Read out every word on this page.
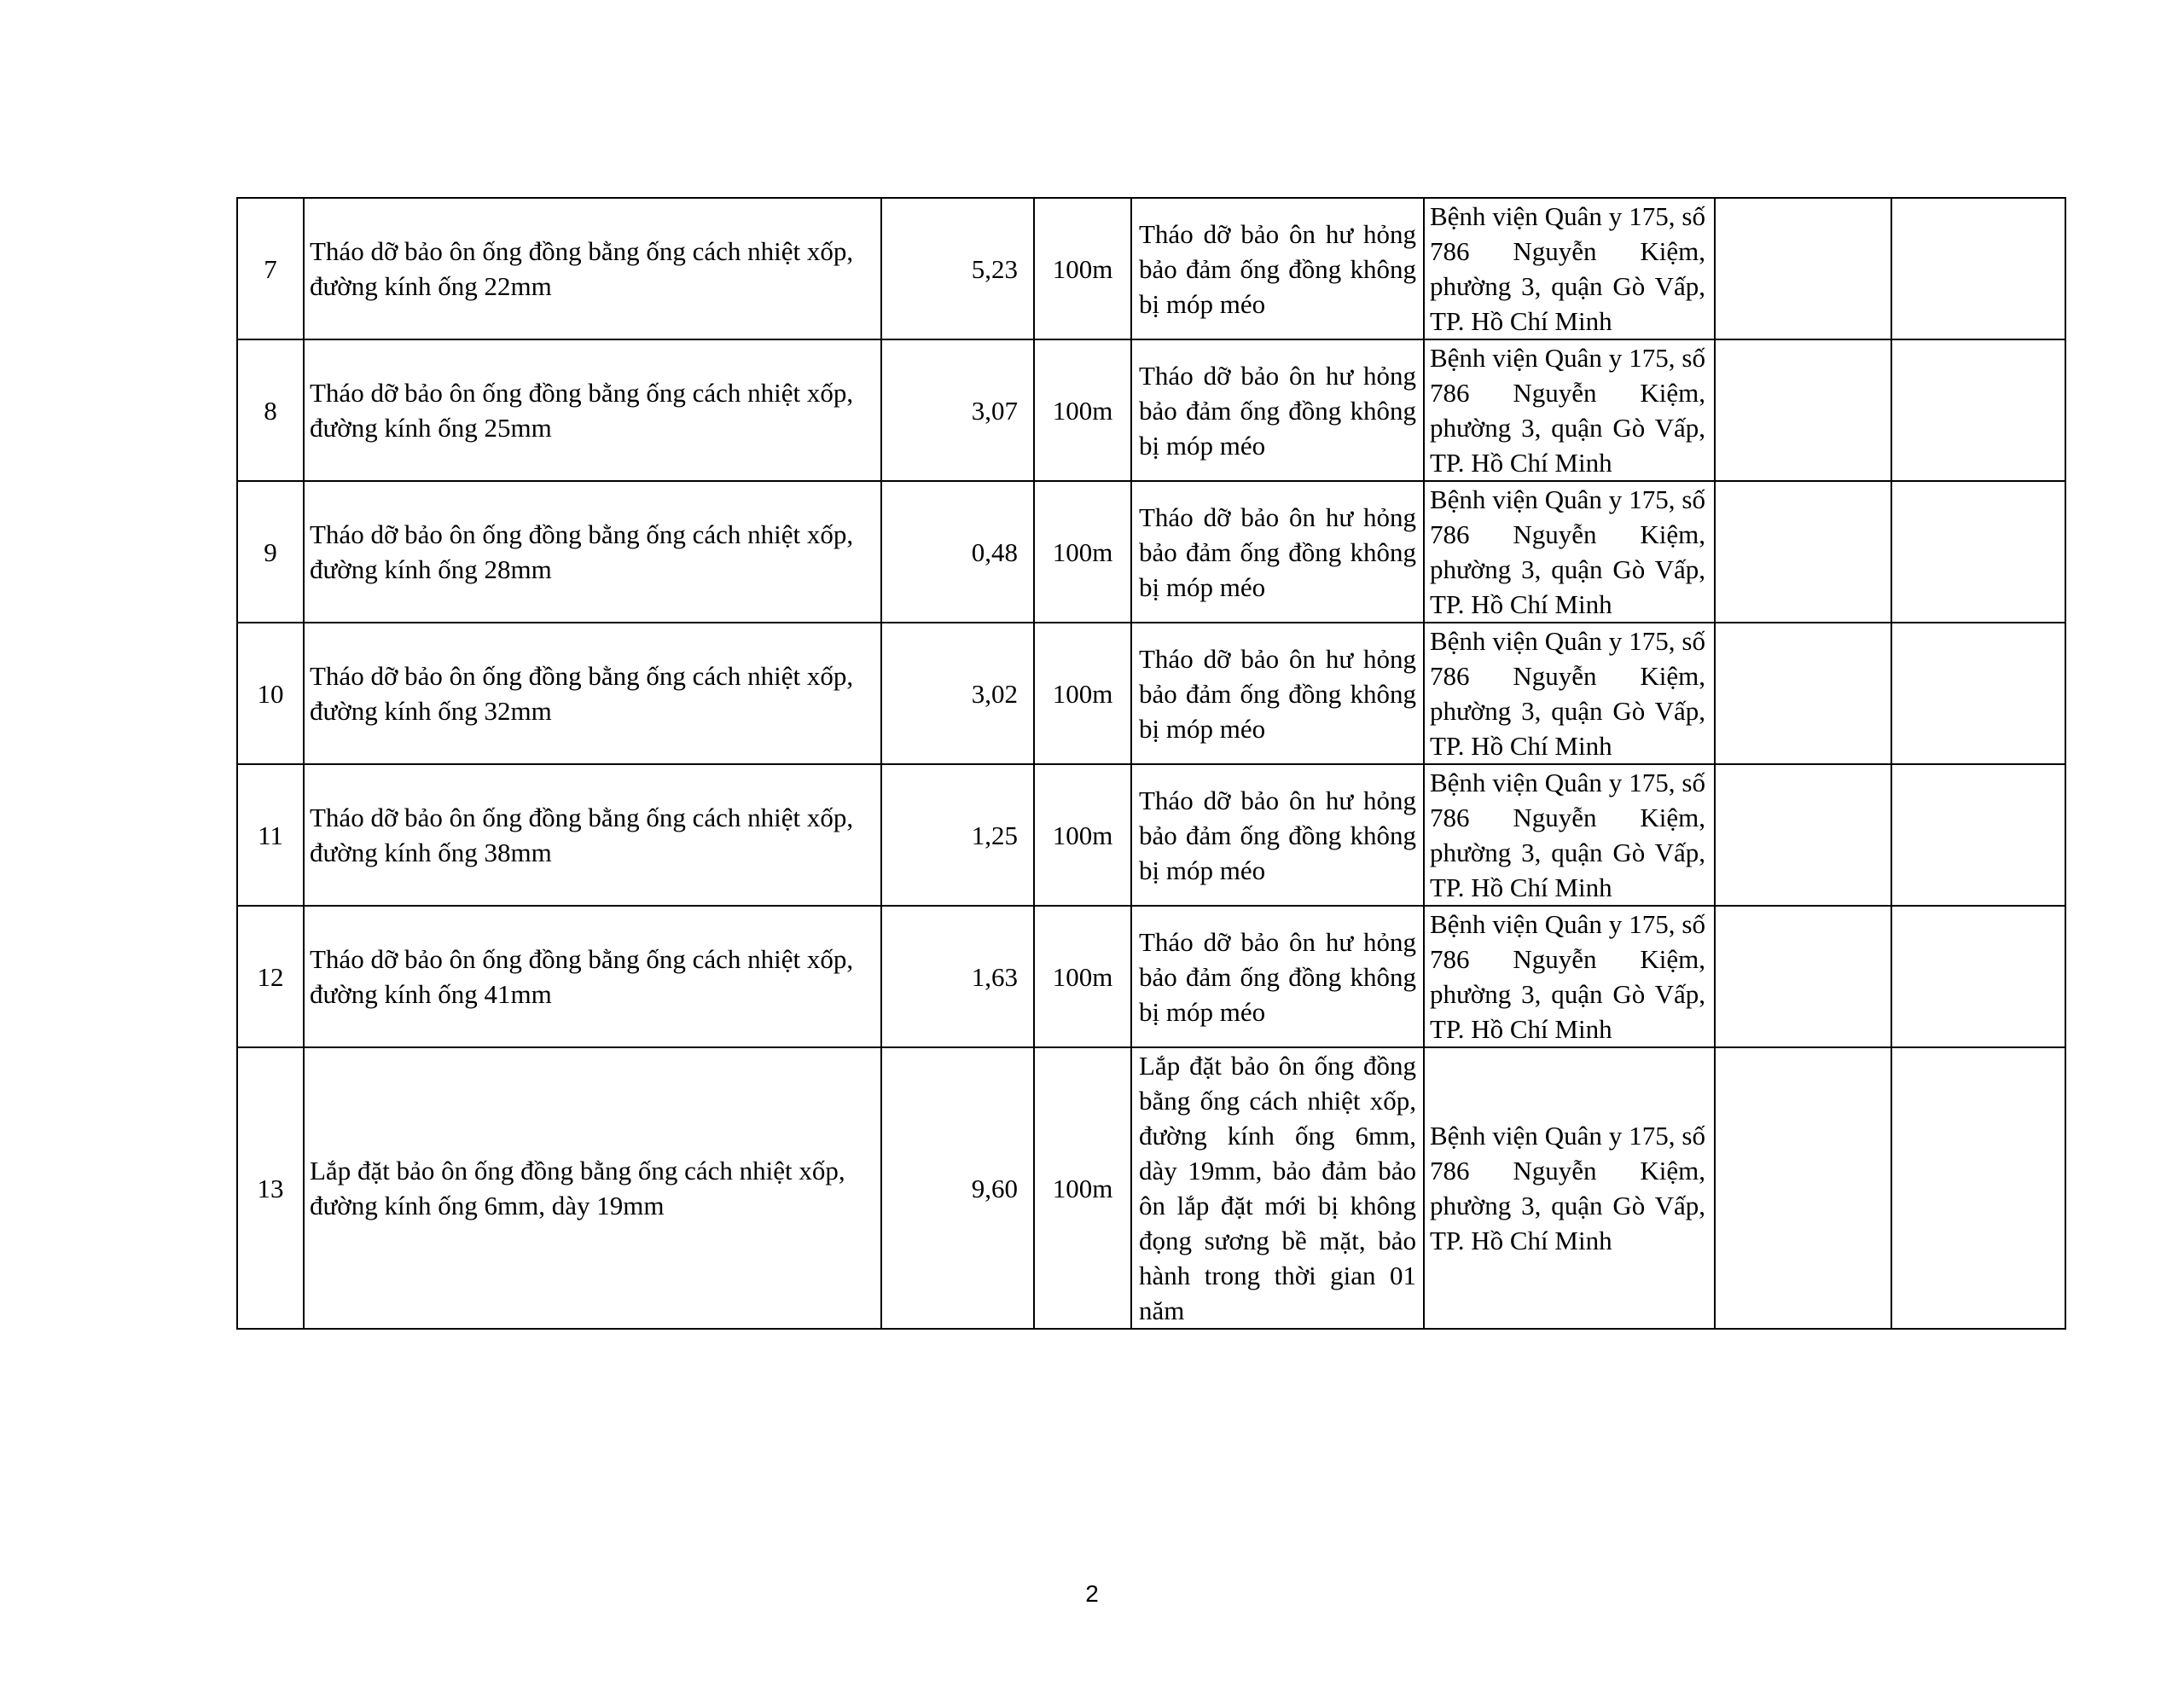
7	Tháo dỡ bảo ôn ống đồng bằng ống cách nhiệt xốp, đường kính ống 22mm	5,23	100m	Tháo dỡ bảo ôn hư hỏng bảo đảm ống đồng không bị móp méo	Bệnh viện Quân y 175, số 786 Nguyễn Kiệm, phường 3, quận Gò Vấp, TP. Hồ Chí Minh		
8	Tháo dỡ bảo ôn ống đồng bằng ống cách nhiệt xốp, đường kính ống 25mm	3,07	100m	Tháo dỡ bảo ôn hư hỏng bảo đảm ống đồng không bị móp méo	Bệnh viện Quân y 175, số 786 Nguyễn Kiệm, phường 3, quận Gò Vấp, TP. Hồ Chí Minh		
9	Tháo dỡ bảo ôn ống đồng bằng ống cách nhiệt xốp, đường kính ống 28mm	0,48	100m	Tháo dỡ bảo ôn hư hỏng bảo đảm ống đồng không bị móp méo	Bệnh viện Quân y 175, số 786 Nguyễn Kiệm, phường 3, quận Gò Vấp, TP. Hồ Chí Minh		
10	Tháo dỡ bảo ôn ống đồng bằng ống cách nhiệt xốp, đường kính ống 32mm	3,02	100m	Tháo dỡ bảo ôn hư hỏng bảo đảm ống đồng không bị móp méo	Bệnh viện Quân y 175, số 786 Nguyễn Kiệm, phường 3, quận Gò Vấp, TP. Hồ Chí Minh		
11	Tháo dỡ bảo ôn ống đồng bằng ống cách nhiệt xốp, đường kính ống 38mm	1,25	100m	Tháo dỡ bảo ôn hư hỏng bảo đảm ống đồng không bị móp méo	Bệnh viện Quân y 175, số 786 Nguyễn Kiệm, phường 3, quận Gò Vấp, TP. Hồ Chí Minh		
12	Tháo dỡ bảo ôn ống đồng bằng ống cách nhiệt xốp, đường kính ống 41mm	1,63	100m	Tháo dỡ bảo ôn hư hỏng bảo đảm ống đồng không bị móp méo	Bệnh viện Quân y 175, số 786 Nguyễn Kiệm, phường 3, quận Gò Vấp, TP. Hồ Chí Minh		
13	Lắp đặt bảo ôn ống đồng bằng ống cách nhiệt xốp, đường kính ống 6mm, dày 19mm	9,60	100m	Lắp đặt bảo ôn ống đồng bằng ống cách nhiệt xốp, đường kính ống 6mm, dày 19mm, bảo đảm bảo ôn lắp đặt mới bị không đọng sương bề mặt, bảo hành trong thời gian 01 năm	Bệnh viện Quân y 175, số 786 Nguyễn Kiệm, phường 3, quận Gò Vấp, TP. Hồ Chí Minh		
2
